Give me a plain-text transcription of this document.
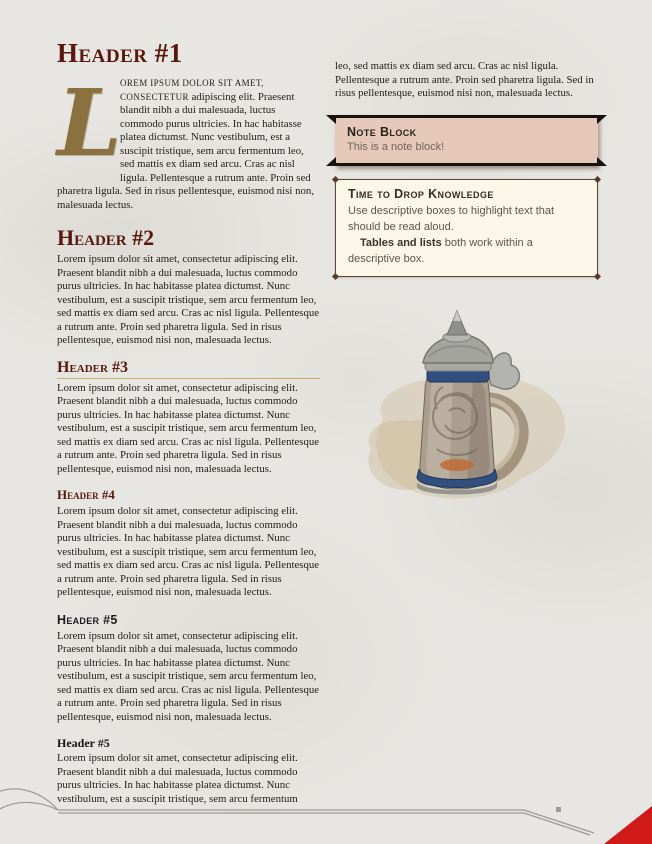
Header #1

L
OREM IPSUM DOLOR SIT AMET, CONSECTETUR adipiscing elit. Praesent blandit nibh a dui malesuada, luctus commodo purus ultricies. In hac habitasse platea dictumst. Nunc vestibulum, est a suscipit tristique, sem arcu fermentum leo, sed mattis ex diam sed arcu. Cras ac nisl ligula. Pellentesque a rutrum ante. Proin sed pharetra ligula. Sed in risus pellentesque, euismod nisi non, malesuada lectus.

Header #2

Lorem ipsum dolor sit amet, consectetur adipiscing elit. Praesent blandit nibh a dui malesuada, luctus commodo purus ultricies. In hac habitasse platea dictumst. Nunc vestibulum, est a suscipit tristique, sem arcu fermentum leo, sed mattis ex diam sed arcu. Cras ac nisl ligula. Pellentesque a rutrum ante. Proin sed pharetra ligula. Sed in risus pellentesque, euismod nisi non, malesuada lectus.

Header #3

Lorem ipsum dolor sit amet, consectetur adipiscing elit. Praesent blandit nibh a dui malesuada, luctus commodo purus ultricies. In hac habitasse platea dictumst. Nunc vestibulum, est a suscipit tristique, sem arcu fermentum leo, sed mattis ex diam sed arcu. Cras ac nisl ligula. Pellentesque a rutrum ante. Proin sed pharetra ligula. Sed in risus pellentesque, euismod nisi non, malesuada lectus.

Header #4

Lorem ipsum dolor sit amet, consectetur adipiscing elit. Praesent blandit nibh a dui malesuada, luctus commodo purus ultricies. In hac habitasse platea dictumst. Nunc vestibulum, est a suscipit tristique, sem arcu fermentum leo, sed mattis ex diam sed arcu. Cras ac nisl ligula. Pellentesque a rutrum ante. Proin sed pharetra ligula. Sed in risus pellentesque, euismod nisi non, malesuada lectus.

Header #5

Lorem ipsum dolor sit amet, consectetur adipiscing elit. Praesent blandit nibh a dui malesuada, luctus commodo purus ultricies. In hac habitasse platea dictumst. Nunc vestibulum, est a suscipit tristique, sem arcu fermentum leo, sed mattis ex diam sed arcu. Cras ac nisl ligula. Pellentesque a rutrum ante. Proin sed pharetra ligula. Sed in risus pellentesque, euismod nisi non, malesuada lectus.

Header #5

Lorem ipsum dolor sit amet, consectetur adipiscing elit. Praesent blandit nibh a dui malesuada, luctus commodo purus ultricies. In hac habitasse platea dictumst. Nunc vestibulum, est a suscipit tristique, sem arcu fermentum

leo, sed mattis ex diam sed arcu. Cras ac nisl ligula. Pellentesque a rutrum ante. Proin sed pharetra ligula. Sed in risus pellentesque, euismod nisi non, malesuada lectus.

Note Block

This is a note block!

Time to Drop Knowledge

Use descriptive boxes to highlight text that should be read aloud.

Tables and lists both work within a descriptive box.
